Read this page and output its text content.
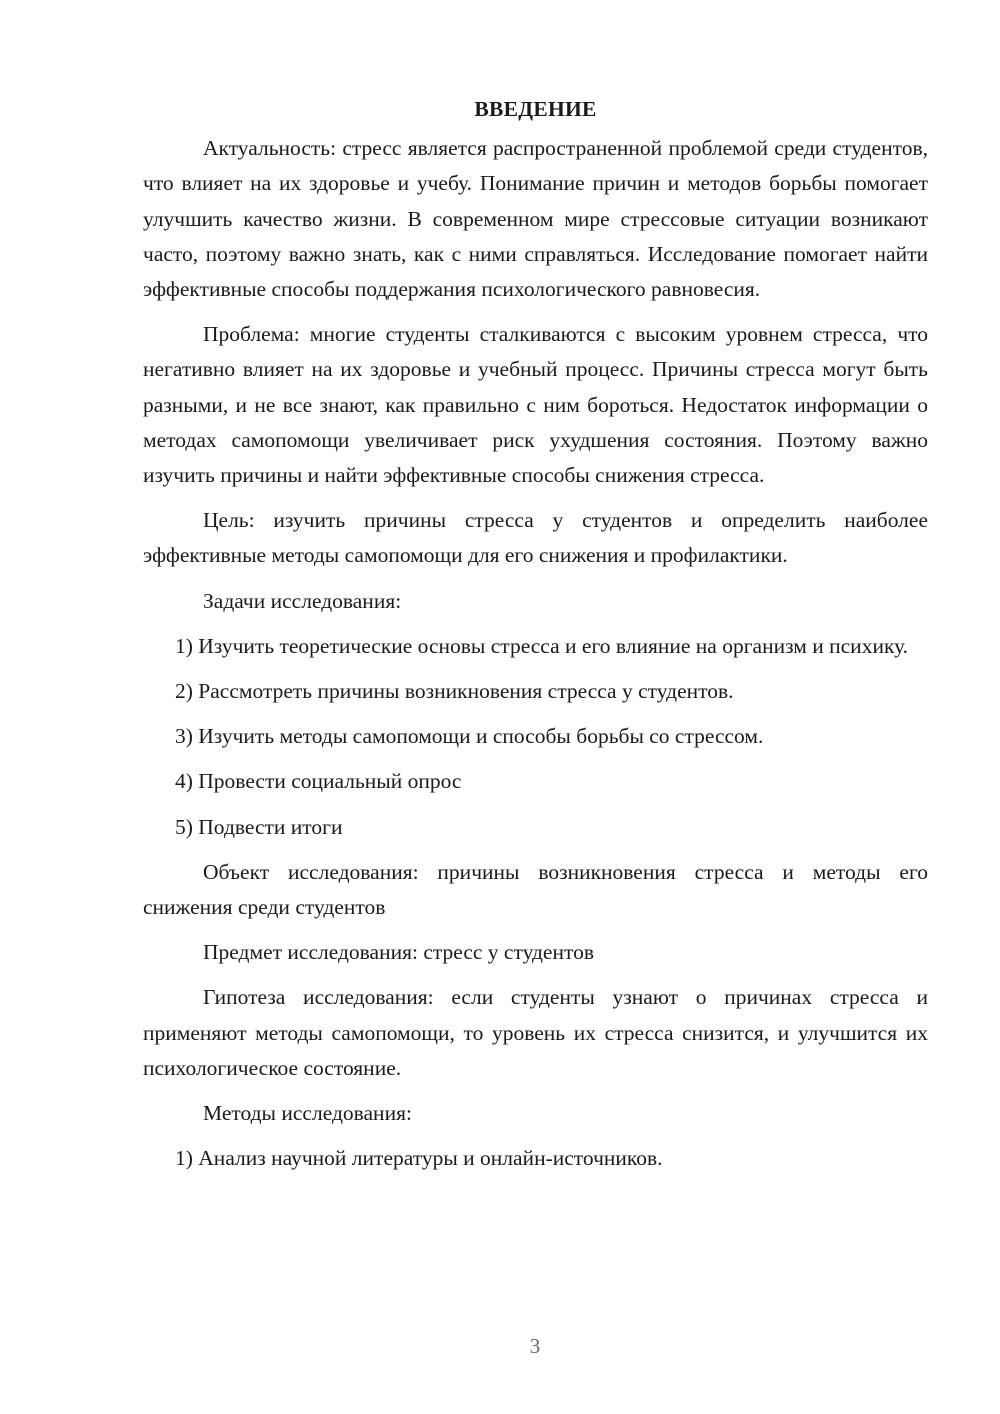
ВВЕДЕНИЕ

Актуальность: стресс является распространенной проблемой среди студентов, что влияет на их здоровье и учебу. Понимание причин и методов борьбы помогает улучшить качество жизни. В современном мире стрессовые ситуации возникают часто, поэтому важно знать, как с ними справляться. Исследование помогает найти эффективные способы поддержания психологического равновесия.

Проблема: многие студенты сталкиваются с высоким уровнем стресса, что негативно влияет на их здоровье и учебный процесс. Причины стресса могут быть разными, и не все знают, как правильно с ним бороться. Недостаток информации о методах самопомощи увеличивает риск ухудшения состояния. Поэтому важно изучить причины и найти эффективные способы снижения стресса.

Цель: изучить причины стресса у студентов и определить наиболее эффективные методы самопомощи для его снижения и профилактики.

Задачи исследования:

1) Изучить теоретические основы стресса и его влияние на организм и психику.

2) Рассмотреть причины возникновения стресса у студентов.

3) Изучить методы самопомощи и способы борьбы со стрессом.

4) Провести социальный опрос

5) Подвести итоги

Объект исследования: причины возникновения стресса и методы его снижения среди студентов

Предмет исследования: стресс у студентов

Гипотеза исследования: если студенты узнают о причинах стресса и применяют методы самопомощи, то уровень их стресса снизится, и улучшится их психологическое состояние.

Методы исследования:

1) Анализ научной литературы и онлайн-источников.

3
